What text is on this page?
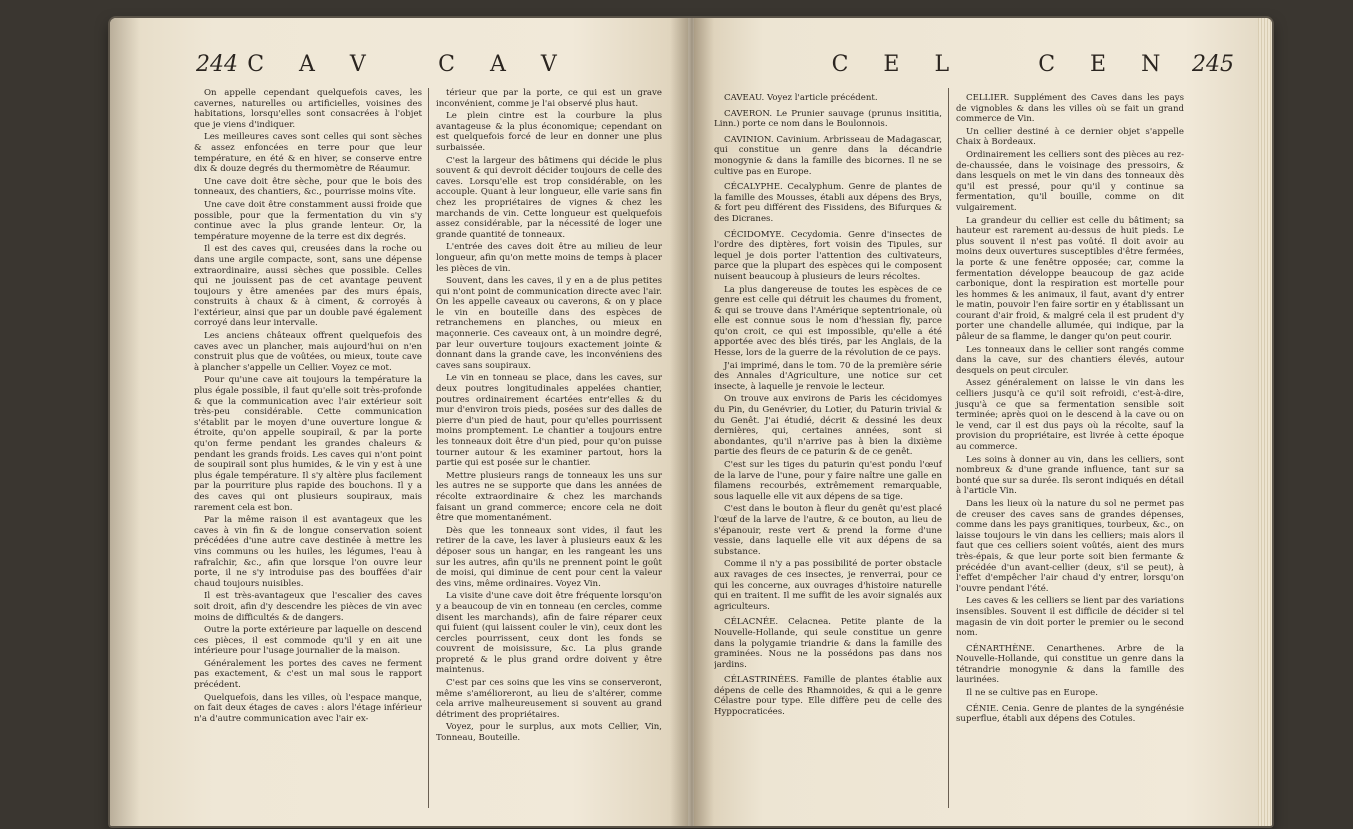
244 C A V	C A V

On appelle cependant quelquefois caves, les cavernes, naturelles ou artificielles, voisines des habitations, lorsqu'elles sont consacrées à l'objet que je viens d'indiquer.

Les meilleures caves sont celles qui sont sèches & assez enfoncées en terre pour que leur température, en été & en hiver, se conserve entre dix & douze degrés du thermomètre de Réaumur.

Une cave doit être sèche, pour que le bois des tonneaux, des chantiers, &c., pourrisse moins vîte.

Une cave doit être constamment aussi froide que possible, pour que la fermentation du vin s'y continue avec la plus grande lenteur. Or, la température moyenne de la terre est dix degrés.

Il est des caves qui, creusées dans la roche ou dans une argile compacte, sont, sans une dépense extraordinaire, aussi sèches que possible. Celles qui ne jouissent pas de cet avantage peuvent toujours y être amenées par des murs épais, construits à chaux & à ciment, & corroyés à l'extérieur, ainsi que par un double pavé également corroyé dans leur intervalle.

Les anciens châteaux offrent quelquefois des caves avec un plancher, mais aujourd'hui on n'en construit plus que de voûtées, ou mieux, toute cave à plancher s'appelle un Cellier. Voyez ce mot.

Pour qu'une cave ait toujours la température la plus égale possible, il faut qu'elle soit très-profonde & que la communication avec l'air extérieur soit très-peu considérable. Cette communication s'établit par le moyen d'une ouverture longue & étroite, qu'on appelle soupirail, & par la porte qu'on ferme pendant les grandes chaleurs & pendant les grands froids. Les caves qui n'ont point de soupirail sont plus humides, & le vin y est à une plus égale température. Il s'y altère plus facilement par la pourriture plus rapide des bouchons. Il y a des caves qui ont plusieurs soupiraux, mais rarement cela est bon.

Par la même raison il est avantageux que les caves à vin fin & de longue conservation soient précédées d'une autre cave destinée à mettre les vins communs ou les huiles, les légumes, l'eau à rafraîchir, &c., afin que lorsque l'on ouvre leur porte, il ne s'y introduise pas des bouffées d'air chaud toujours nuisibles.

Il est très-avantageux que l'escalier des caves soit droit, afin d'y descendre les pièces de vin avec moins de difficultés & de dangers.

Outre la porte extérieure par laquelle on descend ces pièces, il est commode qu'il y en ait une intérieure pour l'usage journalier de la maison.

Généralement les portes des caves ne ferment pas exactement, & c'est un mal sous le rapport précédent.

Quelquefois, dans les villes, où l'espace manque, on fait deux étages de caves : alors l'étage inférieur n'a d'autre communication avec l'air ex-

térieur que par la porte, ce qui est un grave inconvénient, comme je l'ai observé plus haut.

Le plein cintre est la courbure la plus avantageuse & la plus économique; cependant on est quelquefois forcé de leur en donner une plus surbaissée.

C'est la largeur des bâtimens qui décide le plus souvent & qui devroit décider toujours de celle des caves. Lorsqu'elle est trop considérable, on les accouple. Quant à leur longueur, elle varie sans fin chez les propriétaires de vignes & chez les marchands de vin. Cette longueur est quelquefois assez considérable, par la nécessité de loger une grande quantité de tonneaux.

L'entrée des caves doit être au milieu de leur longueur, afin qu'on mette moins de temps à placer les pièces de vin.

Souvent, dans les caves, il y en a de plus petites qui n'ont point de communication directe avec l'air. On les appelle caveaux ou caverons, & on y place le vin en bouteille dans des espèces de retranchemens en planches, ou mieux en maçonnerie. Ces caveaux ont, à un moindre degré, par leur ouverture toujours exactement jointe & donnant dans la grande cave, les inconvéniens des caves sans soupiraux.

Le vin en tonneau se place, dans les caves, sur deux poutres longitudinales appelées chantier, poutres ordinairement écartées entr'elles & du mur d'environ trois pieds, posées sur des dalles de pierre d'un pied de haut, pour qu'elles pourrissent moins promptement. Le chantier a toujours entre les tonneaux doit être d'un pied, pour qu'on puisse tourner autour & les examiner partout, hors la partie qui est posée sur le chantier.

Mettre plusieurs rangs de tonneaux les uns sur les autres ne se supporte que dans les années de récolte extraordinaire & chez les marchands faisant un grand commerce; encore cela ne doit être que momentanément.

Dès que les tonneaux sont vides, il faut les retirer de la cave, les laver à plusieurs eaux & les déposer sous un hangar, en les rangeant les uns sur les autres, afin qu'ils ne prennent point le goût de moisi, qui diminue de cent pour cent la valeur des vins, même ordinaires. Voyez Vin.

La visite d'une cave doit être fréquente lorsqu'on y a beaucoup de vin en tonneau (en cercles, comme disent les marchands), afin de faire réparer ceux qui fuient (qui laissent couler le vin), ceux dont les cercles pourrissent, ceux dont les fonds se couvrent de moisissure, &c. La plus grande propreté & le plus grand ordre doivent y être maintenus.

C'est par ces soins que les vins se conserveront, même s'amélioreront, au lieu de s'altérer, comme cela arrive malheureusement si souvent au grand détriment des propriétaires.

Voyez, pour le surplus, aux mots Cellier, Vin, Tonneau, Bouteille.

C E L	C E N 245

CAVEAU. Voyez l'article précédent.

CAVERON. Le Prunier sauvage (prunus insititia, Linn.) porte ce nom dans le Boulonnois.

CAVINION. Cavinium. Arbrisseau de Madagascar, qui constitue un genre dans la décandrie monogynie & dans la famille des bicornes. Il ne se cultive pas en Europe.

CÉCALYPHE. Cecalyphum. Genre de plantes de la famille des Mousses, établi aux dépens des Brys, & fort peu différent des Fissidens, des Bifurques & des Dicranes.

CÉCIDOMYE. Cecydomia. Genre d'insectes de l'ordre des diptères, fort voisin des Tipules, sur lequel je dois porter l'attention des cultivateurs, parce que la plupart des espèces qui le composent nuisent beaucoup à plusieurs de leurs récoltes.

La plus dangereuse de toutes les espèces de ce genre est celle qui détruit les chaumes du froment, & qui se trouve dans l'Amérique septentrionale, où elle est connue sous le nom d'hessian fly, parce qu'on croit, ce qui est impossible, qu'elle a été apportée avec des blés tirés, par les Anglais, de la Hesse, lors de la guerre de la révolution de ce pays.

J'ai imprimé, dans le tom. 70 de la première série des Annales d'Agriculture, une notice sur cet insecte, à laquelle je renvoie le lecteur.

On trouve aux environs de Paris les cécidomyes du Pin, du Genévrier, du Lotier, du Paturin trivial & du Genêt. J'ai étudié, décrit & dessiné les deux dernières, qui, certaines années, sont si abondantes, qu'il n'arrive pas à bien la dixième partie des fleurs de ce paturin & de ce genêt.

C'est sur les tiges du paturin qu'est pondu l'œuf de la larve de l'une, pour y faire naître une galle en filamens recourbés, extrêmement remarquable, sous laquelle elle vit aux dépens de sa tige.

C'est dans le bouton à fleur du genêt qu'est placé l'œuf de la larve de l'autre, & ce bouton, au lieu de s'épanouir, reste vert & prend la forme d'une vessie, dans laquelle elle vit aux dépens de sa substance.

Comme il n'y a pas possibilité de porter obstacle aux ravages de ces insectes, je renverrai, pour ce qui les concerne, aux ouvrages d'histoire naturelle qui en traitent. Il me suffit de les avoir signalés aux agriculteurs.

CÉLACNÉE. Celacnea. Petite plante de la Nouvelle-Hollande, qui seule constitue un genre dans la polygamie triandrie & dans la famille des graminées. Nous ne la possédons pas dans nos jardins.

CÉLASTRINÉES. Famille de plantes établie aux dépens de celle des Rhamnoides, & qui a le genre Célastre pour type. Elle diffère peu de celle des Hyppocraticées.

CELLIER. Supplément des Caves dans les pays de vignobles & dans les villes où se fait un grand commerce de Vin.

Un cellier destiné à ce dernier objet s'appelle Chaix à Bordeaux.

Ordinairement les celliers sont des pièces au rez-de-chaussée, dans le voisinage des pressoirs, & dans lesquels on met le vin dans des tonneaux dès qu'il est pressé, pour qu'il y continue sa fermentation, qu'il bouille, comme on dit vulgairement.

La grandeur du cellier est celle du bâtiment; sa hauteur est rarement au-dessus de huit pieds. Le plus souvent il n'est pas voûté. Il doit avoir au moins deux ouvertures susceptibles d'être fermées, la porte & une fenêtre opposée; car, comme la fermentation développe beaucoup de gaz acide carbonique, dont la respiration est mortelle pour les hommes & les animaux, il faut, avant d'y entrer le matin, pouvoir l'en faire sortir en y établissant un courant d'air froid, & malgré cela il est prudent d'y porter une chandelle allumée, qui indique, par la pâleur de sa flamme, le danger qu'on peut courir.

Les tonneaux dans le cellier sont rangés comme dans la cave, sur des chantiers élevés, autour desquels on peut circuler.

Assez généralement on laisse le vin dans les celliers jusqu'à ce qu'il soit refroidi, c'est-à-dire, jusqu'à ce que sa fermentation sensible soit terminée; après quoi on le descend à la cave ou on le vend, car il est dus pays où la récolte, sauf la provision du propriétaire, est livrée à cette époque au commerce.

Les soins à donner au vin, dans les celliers, sont nombreux & d'une grande influence, tant sur sa bonté que sur sa durée. Ils seront indiqués en détail à l'article Vin.

Dans les lieux où la nature du sol ne permet pas de creuser des caves sans de grandes dépenses, comme dans les pays granitiques, tourbeux, &c., on laisse toujours le vin dans les celliers; mais alors il faut que ces celliers soient voûtés, aient des murs très-épais, & que leur porte soit bien fermante & précédée d'un avant-cellier (deux, s'il se peut), à l'effet d'empêcher l'air chaud d'y entrer, lorsqu'on l'ouvre pendant l'été.

Les caves & les celliers se lient par des variations insensibles. Souvent il est difficile de décider si tel magasin de vin doit porter le premier ou le second nom.

CÉNARTHÈNE. Cenarthenes. Arbre de la Nouvelle-Hollande, qui constitue un genre dans la tétrandrie monogynie & dans la famille des laurinées.

Il ne se cultive pas en Europe.

CÉNIE. Cenia. Genre de plantes de la syngénésie superflue, établi aux dépens des Cotules.
